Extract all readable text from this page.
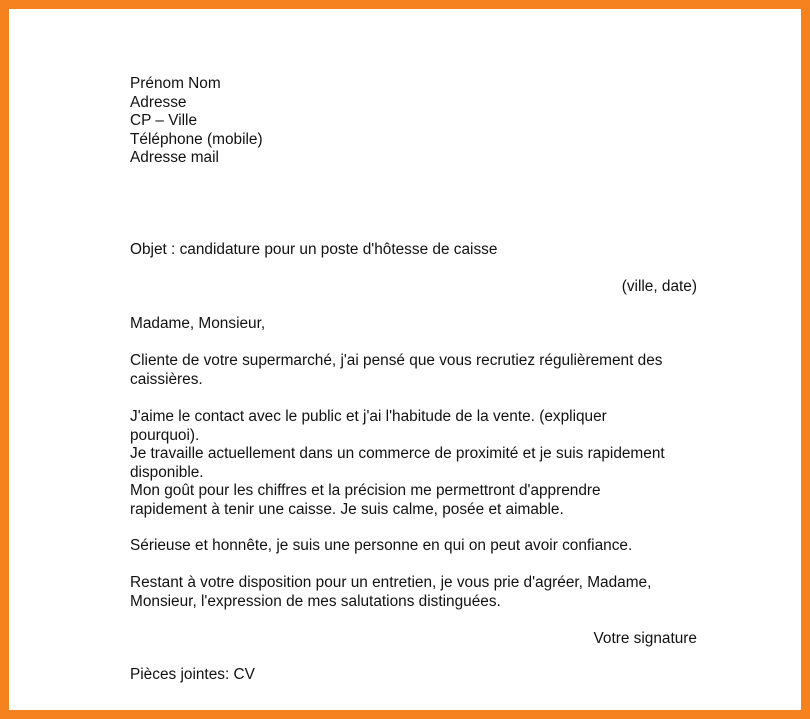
Prénom Nom
Adresse
CP – Ville
Téléphone (mobile)
Adresse mail
Objet : candidature pour un poste d'hôtesse de caisse
(ville, date)
Madame, Monsieur,
Cliente de votre supermarché, j'ai pensé que vous recrutiez régulièrement des
caissières.
J'aime le contact avec le public et j'ai l'habitude de la vente. (expliquer
pourquoi).
Je travaille actuellement dans un commerce de proximité et je suis rapidement
disponible.
Mon goût pour les chiffres et la précision me permettront d'apprendre
rapidement à tenir une caisse. Je suis calme, posée et aimable.
Sérieuse et honnête, je suis une personne en qui on peut avoir confiance.
Restant à votre disposition pour un entretien, je vous prie d'agréer, Madame,
Monsieur, l'expression de mes salutations distinguées.
Votre signature
Pièces jointes: CV
